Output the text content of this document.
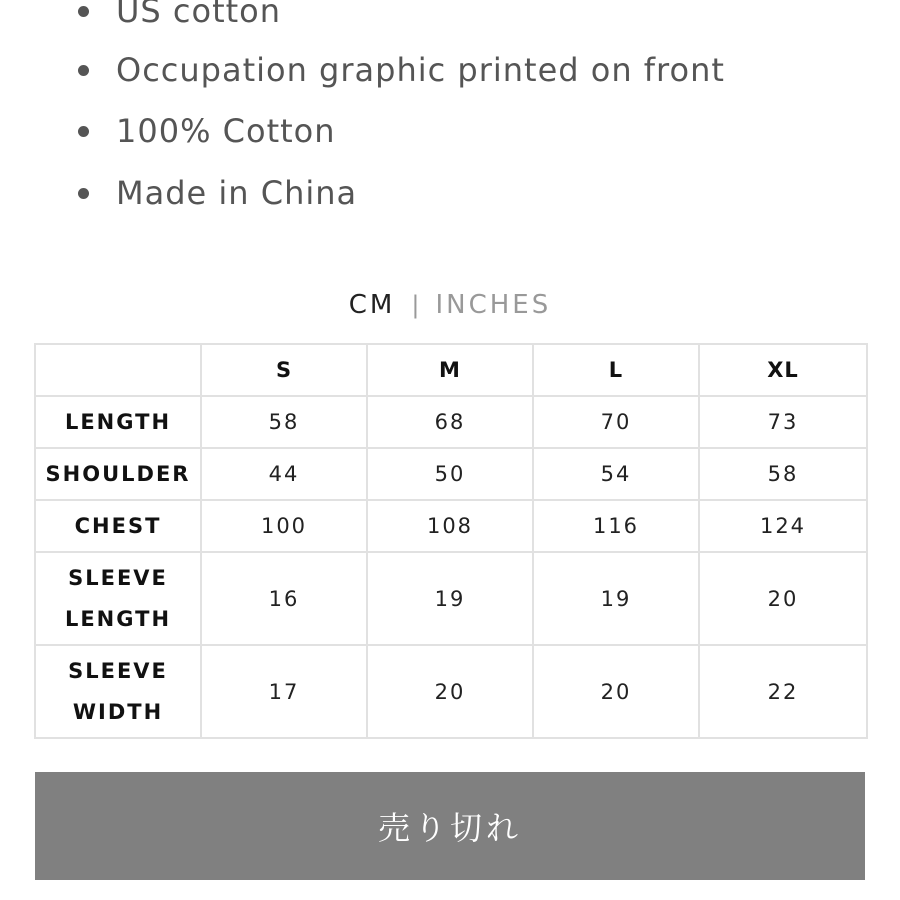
US cotton
Occupation graphic printed on front
100% Cotton
Made in China
CM | INCHES
	S	M	L	XL
LENGTH	58	68	70	73
SHOULDER	44	50	54	58
CHEST	100	108	116	124
SLEEVE
LENGTH	16	19	19	20
SLEEVE
WIDTH	17	20	20	22
売り切れ
